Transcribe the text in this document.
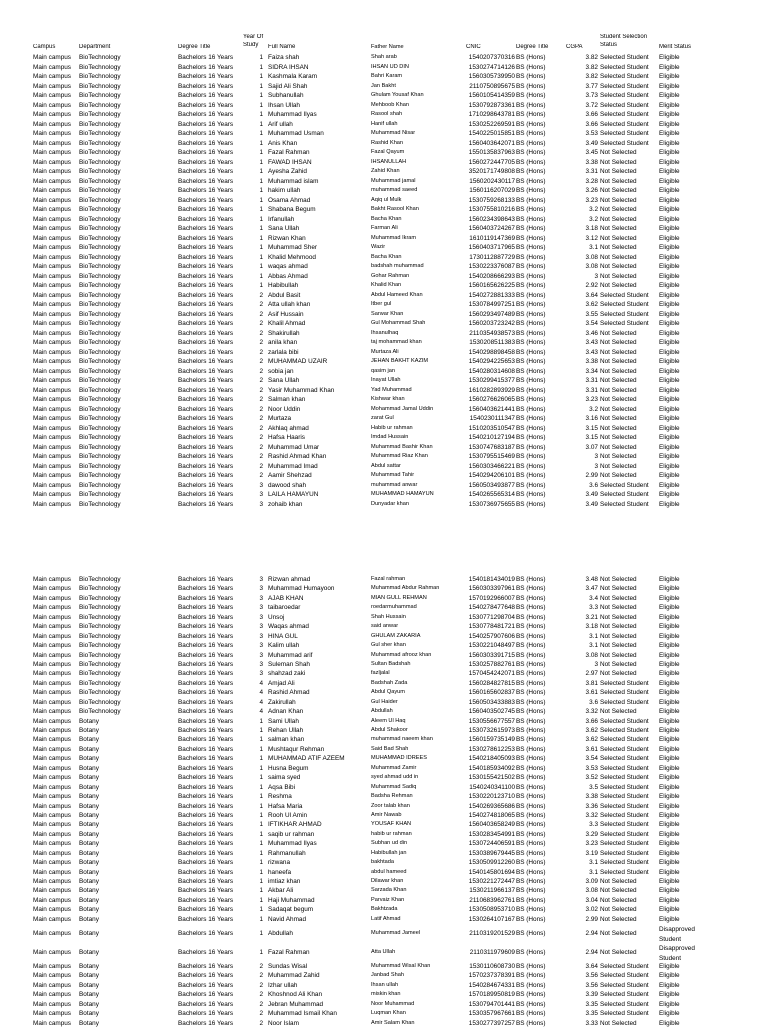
Year Of	Student Selection
Campus	Department	Degree Title	Study	Full Name	Father Name	CNIC	Degree Title	CGPA	Status	Merit Status
Main campus	BioTechnology	Bachelors 16 Years	1 Faiza shah	Shah arab	1540207370316 BS (Hons)	3.82 Selected Student	Eligible
Main campus	BioTechnology	Bachelors 16 Years	1 SIDRA IHSAN	IHSAN UD DIN	1530274714126 BS (Hons)	3.82 Selected Student	Eligible
Main campus	BioTechnology	Bachelors 16 Years	1 Kashmala Karam	Bahri Karam	1560305739950 BS (Hons)	3.82 Selected Student	Eligible
Main campus	BioTechnology	Bachelors 16 Years	1 Sajid Ali Shah	Jan Bakht	2110750895675 BS (Hons)	3.77 Selected Student	Eligible
Main campus	BioTechnology	Bachelors 16 Years	1 Subhanullah	Ghulam Yousaf Khan	1560105414359 BS (Hons)	3.73 Selected Student	Eligible
Main campus	BioTechnology	Bachelors 16 Years	1 Ihsan Ullah	Mehboob Khan	1530792873361 BS (Hons)	3.72 Selected Student	Eligible
Main campus	BioTechnology	Bachelors 16 Years	1 Muhammad Ilyas	Rasool shah	1710298643781 BS (Hons)	3.66 Selected Student	Eligible
Main campus	BioTechnology	Bachelors 16 Years	1 Arif ullah	Hanif ullah	1530252269591 BS (Hons)	3.66 Selected Student	Eligible
Main campus	BioTechnology	Bachelors 16 Years	1 Muhammad Usman	Muhammad Nisar	1540225015851 BS (Hons)	3.53 Selected Student	Eligible
Main campus	BioTechnology	Bachelors 16 Years	1 Anis Khan	Rashid Khan	1560403642071 BS (Hons)	3.49 Selected Student	Eligible
Main campus	BioTechnology	Bachelors 16 Years	1 Fazal Rahman	Fazal Qayum	1550135837963 BS (Hons)	3.45 Not Selected	Eligible
Main campus	BioTechnology	Bachelors 16 Years	1 FAWAD IHSAN	IHSANULLAH	1560272447705 BS (Hons)	3.38 Not Selected	Eligible
Main campus	BioTechnology	Bachelors 16 Years	1 Ayesha Zahid	Zahid Khan	3520171749808 BS (Hons)	3.31 Not Selected	Eligible
Main campus	BioTechnology	Bachelors 16 Years	1 Muhammad islam	Muhammad jamal	1560202430117 BS (Hons)	3.28 Not Selected	Eligible
Main campus	BioTechnology	Bachelors 16 Years	1 hakim ullah	muhammad saeed	1560116207029 BS (Hons)	3.26 Not Selected	Eligible
Main campus	BioTechnology	Bachelors 16 Years	1 Osama Ahmad	Aqiq ul Mulk	1530759268133 BS (Hons)	3.23 Not Selected	Eligible
Main campus	BioTechnology	Bachelors 16 Years	1 Shabana Begum	Bakht Rasool Khan	1530755810216 BS (Hons)	3.2 Not Selected	Eligible
Main campus	BioTechnology	Bachelors 16 Years	1 Irfanullah	Bacha Khan	1560234398643 BS (Hons)	3.2 Not Selected	Eligible
Main campus	BioTechnology	Bachelors 16 Years	1 Sana Ullah	Farman Ali	1560403724267 BS (Hons)	3.18 Not Selected	Eligible
Main campus	BioTechnology	Bachelors 16 Years	1 Rizwan Khan	Muhammad Ikram	1610119147369 BS (Hons)	3.12 Not Selected	Eligible
Main campus	BioTechnology	Bachelors 16 Years	1 Muhammad Sher	Wazir	1560403717965 BS (Hons)	3.1 Not Selected	Eligible
Main campus	BioTechnology	Bachelors 16 Years	1 Khalid Mehmood	Bacha Khan	1730112887729 BS (Hons)	3.08 Not Selected	Eligible
Main campus	BioTechnology	Bachelors 16 Years	1 waqas ahmad	badshah muhammad	1530223376087 BS (Hons)	3.08 Not Selected	Eligible
Main campus	BioTechnology	Bachelors 16 Years	1 Abbas Ahmad	Gohar Rahman	1540208666293 BS (Hons)	3 Not Selected	Eligible
Main campus	BioTechnology	Bachelors 16 Years	1 Habibullah	Khalid Khan	1560165626225 BS (Hons)	2.92 Not Selected	Eligible
Main campus	BioTechnology	Bachelors 16 Years	2 Abdul Basit	Abdul Hameed Khan	1540272881333 BS (Hons)	3.64 Selected Student	Eligible
Main campus	BioTechnology	Bachelors 16 Years	2 Atta ullah khan	Itber gul	1530784997251 BS (Hons)	3.62 Selected Student	Eligible
Main campus	BioTechnology	Bachelors 16 Years	2 Asif Hussain	Sarwar Khan	1560293497489 BS (Hons)	3.55 Selected Student	Eligible
Main campus	BioTechnology	Bachelors 16 Years	2 Khalil Ahmad	Gul Mohammad Shah	1560203723242 BS (Hons)	3.54 Selected Student	Eligible
Main campus	BioTechnology	Bachelors 16 Years	2 Shakirullah	Ihsanulhaq	2110354938573 BS (Hons)	3.46 Not Selected	Eligible
Main campus	BioTechnology	Bachelors 16 Years	2 anila khan	taj mohammad khan	1530208511383 BS (Hons)	3.43 Not Selected	Eligible
Main campus	BioTechnology	Bachelors 16 Years	2 zarlala bibi	Murtaza Ali	1540298898458 BS (Hons)	3.43 Not Selected	Eligible
Main campus	BioTechnology	Bachelors 16 Years	2 MUHAMMAD UZAIR	JEHAN BAKHT KAZIM	1540294225653 BS (Hons)	3.38 Not Selected	Eligible
Main campus	BioTechnology	Bachelors 16 Years	2 sobia jan	qasim jan	1540280314608 BS (Hons)	3.34 Not Selected	Eligible
Main campus	BioTechnology	Bachelors 16 Years	2 Sana Ullah	Inayat Ullah	1530299415377 BS (Hons)	3.31 Not Selected	Eligible
Main campus	BioTechnology	Bachelors 16 Years	2 Yasir Muhammad Khan	Yad Muhammad	1610282893929 BS (Hons)	3.31 Not Selected	Eligible
Main campus	BioTechnology	Bachelors 16 Years	2 Salman khan	Kishwar khan	1560276626065 BS (Hons)	3.23 Not Selected	Eligible
Main campus	BioTechnology	Bachelors 16 Years	2 Noor Uddin	Mohammad Jamal Uddin	1560403621441 BS (Hons)	3.2 Not Selected	Eligible
Main campus	BioTechnology	Bachelors 16 Years	2 Murtaza	zarat Gul	1540230111347 BS (Hons)	3.16 Not Selected	Eligible
Main campus	BioTechnology	Bachelors 16 Years	2 Akhlaq ahmad	Habib ur rahman	1510203510547 BS (Hons)	3.15 Not Selected	Eligible
Main campus	BioTechnology	Bachelors 16 Years	2 Hafsa Haaris	Imdad Hussain	1540210127194 BS (Hons)	3.15 Not Selected	Eligible
Main campus	BioTechnology	Bachelors 16 Years	2 Muhammad Umar	Muhammad Bashir Khan	1530747683187 BS (Hons)	3.07 Not Selected	Eligible
Main campus	BioTechnology	Bachelors 16 Years	2 Rashid Ahmad Khan	Muhammad Riaz Khan	1530795515469 BS (Hons)	3 Not Selected	Eligible
Main campus	BioTechnology	Bachelors 16 Years	2 Muhammad Imad	Abdul sattar	1560303466221 BS (Hons)	3 Not Selected	Eligible
Main campus	BioTechnology	Bachelors 16 Years	2 Aamir Shehzad	Muhammad Tahir	1540294206101 BS (Hons)	2.99 Not Selected	Eligible
Main campus	BioTechnology	Bachelors 16 Years	3 dawood shah	muhammad anwar	1560503493877 BS (Hons)	3.6 Selected Student	Eligible
Main campus	BioTechnology	Bachelors 16 Years	3 LAILA HAMAYUN	MUHAMMAD HAMAYUN	1540265565314 BS (Hons)	3.49 Selected Student	Eligible
Main campus	BioTechnology	Bachelors 16 Years	3 zohaib khan	Dunyadar khan	1530736975655 BS (Hons)	3.49 Selected Student	Eligible
Main campus	BioTechnology	Bachelors 16 Years	3 Rizwan ahmad	Fazal rahman	1540181434019 BS (Hons)	3.48 Not Selected	Eligible
Main campus	BioTechnology	Bachelors 16 Years	3 Muhammad Humayoon	Muhammad Abdur Rahman	1560303397961 BS (Hons)	3.47 Not Selected	Eligible
Main campus	BioTechnology	Bachelors 16 Years	3 AJAB KHAN	MIAN GULL REHMAN	1570192966007 BS (Hons)	3.4 Not Selected	Eligible
Main campus	BioTechnology	Bachelors 16 Years	3 taibaroedar	roedarmuhammad	1540278477648 BS (Hons)	3.3 Not Selected	Eligible
Main campus	BioTechnology	Bachelors 16 Years	3 Unsoj	Shah Hussain	1530771298704 BS (Hons)	3.21 Not Selected	Eligible
Main campus	BioTechnology	Bachelors 16 Years	3 Waqas ahmad	said anwar	1530778481721 BS (Hons)	3.18 Not Selected	Eligible
Main campus	BioTechnology	Bachelors 16 Years	3 HINA GUL	GHULAM ZAKARIA	1540257907606 BS (Hons)	3.1 Not Selected	Eligible
Main campus	BioTechnology	Bachelors 16 Years	3 Kalim ullah	Gul sher khan	1530221048497 BS (Hons)	3.1 Not Selected	Eligible
Main campus	BioTechnology	Bachelors 16 Years	3 Muhammad arif	Muhammad afrooz khan	1560303391715 BS (Hons)	3.08 Not Selected	Eligible
Main campus	BioTechnology	Bachelors 16 Years	3 Suleman Shah	Sultan Badshah	1530257882761 BS (Hons)	3 Not Selected	Eligible
Main campus	BioTechnology	Bachelors 16 Years	3 shahzad zaki	fazljalal	1570454242071 BS (Hons)	2.97 Not Selected	Eligible
Main campus	BioTechnology	Bachelors 16 Years	4 Amjad Ali	Badshah Zada	1560284827815 BS (Hons)	3.81 Selected Student	Eligible
Main campus	BioTechnology	Bachelors 16 Years	4 Rashid Ahmad	Abdul Qayum	1560165602837 BS (Hons)	3.61 Selected Student	Eligible
Main campus	BioTechnology	Bachelors 16 Years	4 Zakirullah	Gul Haider	1560503433883 BS (Hons)	3.6 Selected Student	Eligible
Main campus	BioTechnology	Bachelors 16 Years	4 Adnan Khan	Abdullah	1560403502745 BS (Hons)	3.32 Not Selected	Eligible
Main campus	Botany	Bachelors 16 Years	1 Sami Ullah	Aleem Ul Haq	1530556677557 BS (Hons)	3.66 Selected Student	Eligible
Main campus	Botany	Bachelors 16 Years	1 Rehan Ullah	Abdul Shakoor	1530732615973 BS (Hons)	3.62 Selected Student	Eligible
Main campus	Botany	Bachelors 16 Years	1 salman khan	muhammad naeem khan	1560159735149 BS (Hons)	3.62 Selected Student	Eligible
Main campus	Botany	Bachelors 16 Years	1 Mushtaqur Rehman	Said Bad Shah	1530278612253 BS (Hons)	3.61 Selected Student	Eligible
Main campus	Botany	Bachelors 16 Years	1 MUHAMMAD ATIF AZEEM	MUHAMMAD IDREES	1540218405093 BS (Hons)	3.54 Selected Student	Eligible
Main campus	Botany	Bachelors 16 Years	1 Husna Begum	Muhammad Zamir	1540185934092 BS (Hons)	3.53 Selected Student	Eligible
Main campus	Botany	Bachelors 16 Years	1 saima syed	syed ahmad udd in	1530155421502 BS (Hons)	3.52 Selected Student	Eligible
Main campus	Botany	Bachelors 16 Years	1 Aqsa Bibi	Muhammad Sadiq	1540240341100 BS (Hons)	3.5 Selected Student	Eligible
Main campus	Botany	Bachelors 16 Years	1 Reshma	Badsha Rehman	1530220123710 BS (Hons)	3.38 Selected Student	Eligible
Main campus	Botany	Bachelors 16 Years	1 Hafsa Maria	Zoor talab khan	1540269365686 BS (Hons)	3.36 Selected Student	Eligible
Main campus	Botany	Bachelors 16 Years	1 Rooh Ul Amin	Amir Nawab	1540274818065 BS (Hons)	3.32 Selected Student	Eligible
Main campus	Botany	Bachelors 16 Years	1 IFTIKHAR AHMAD	YOUSAF KHAN	1560403658249 BS (Hons)	3.3 Selected Student	Eligible
Main campus	Botany	Bachelors 16 Years	1 saqib ur rahman	habib ur rahman	1530283454991 BS (Hons)	3.29 Selected Student	Eligible
Main campus	Botany	Bachelors 16 Years	1 Muhammad Ilyas	Subhan ud din	1530724406591 BS (Hons)	3.23 Selected Student	Eligible
Main campus	Botany	Bachelors 16 Years	1 Rahmanullah	Habibullah jan	1530389679445 BS (Hons)	3.19 Selected Student	Eligible
Main campus	Botany	Bachelors 16 Years	1 rizwana	bakhtada	1530509912260 BS (Hons)	3.1 Selected Student	Eligible
Main campus	Botany	Bachelors 16 Years	1 haneefa	abdul hameed	1540145801694 BS (Hons)	3.1 Selected Student	Eligible
Main campus	Botany	Bachelors 16 Years	1 imtiaz khan	Dilawar khan	1530221272447 BS (Hons)	3.09 Not Selected	Eligible
Main campus	Botany	Bachelors 16 Years	1 Akbar Ali	Sarzada Khan	1530211966137 BS (Hons)	3.08 Not Selected	Eligible
Main campus	Botany	Bachelors 16 Years	1 Haji Muhammad	Parvaiz Khan	2110683962761 BS (Hons)	3.04 Not Selected	Eligible
Main campus	Botany	Bachelors 16 Years	1 Sadaqat begum	Bakhtzada	1530508953710 BS (Hons)	3.02 Not Selected	Eligible
Main campus	Botany	Bachelors 16 Years	1 Navid Ahmad	Latif Ahmad	1530264107167 BS (Hons)	2.99 Not Selected	Eligible
Main campus	Botany	Bachelors 16 Years	1 Abdullah	Muhammad Jameel	2110319201529 BS (Hons)	2.94 Not Selected
Disapproved Student
Main campus	Botany	Bachelors 16 Years	1 Fazal Rahman	Atta Ullah	2110311979609 BS (Hons)	2.94 Not Selected
Disapproved Student
Main campus	Botany	Bachelors 16 Years	2 Sundas Wisal	Muhammad Wisal Khan	1530110608730 BS (Hons)	3.64 Selected Student	Eligible
Main campus	Botany	Bachelors 16 Years	2 Muhammad Zahid	Janbad Shah	1570237378391 BS (Hons)	3.56 Selected Student	Eligible
Main campus	Botany	Bachelors 16 Years	2 Izhar ullah	Ihsan ullah	1540284674331 BS (Hons)	3.56 Selected Student	Eligible
Main campus	Botany	Bachelors 16 Years	2 Khoshnod Ali Khan	miskin khan	1570189950819 BS (Hons)	3.39 Selected Student	Eligible
Main campus	Botany	Bachelors 16 Years	2 Jebran Muhammad	Noor Muhammad	1530794701441 BS (Hons)	3.35 Selected Student	Eligible
Main campus	Botany	Bachelors 16 Years	2 Muhammad Ismail Khan	Luqman Khan	1530357967661 BS (Hons)	3.35 Selected Student	Eligible
Main campus	Botany	Bachelors 16 Years	2 Noor Islam	Amir Salam Khan	1530277397257 BS (Hons)	3.33 Not Selected	Eligible
